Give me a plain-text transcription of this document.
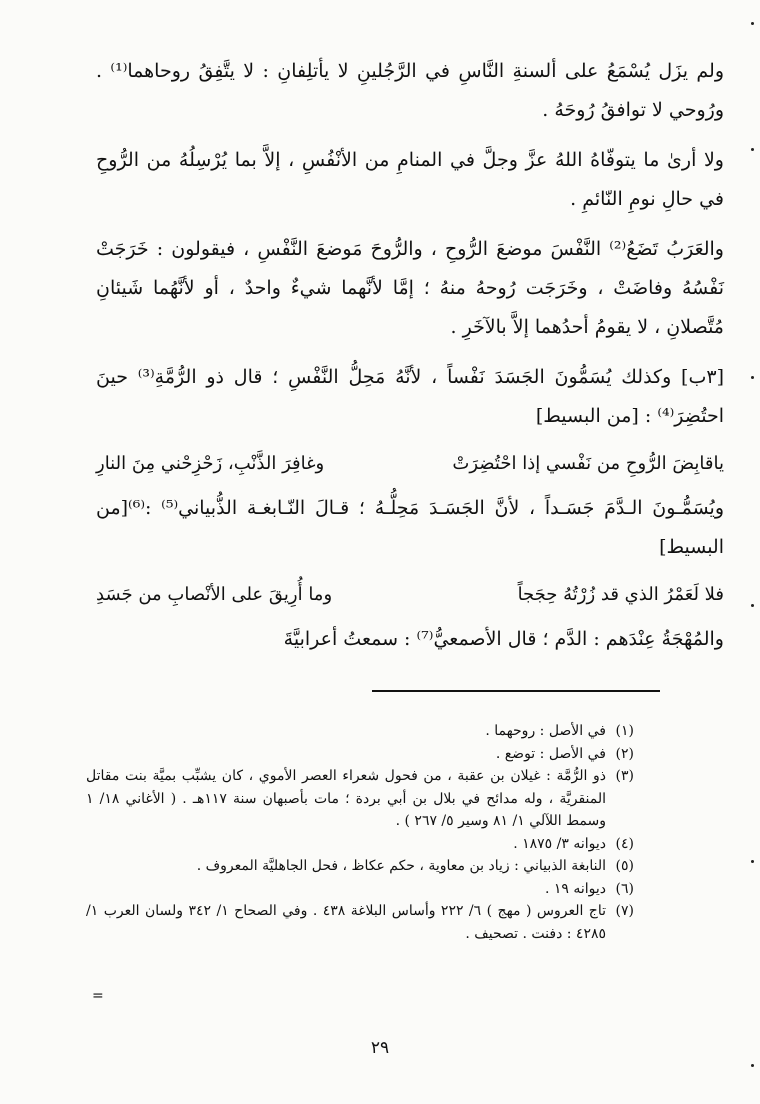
ولم يزَل يُسْمَعُ على ألسنةِ النَّاسِ في الرَّجُلينِ لا يأتلِفانِ : لا يتَّفِقُ روحاهما⁽¹⁾ . ورُوحي لا توافقُ رُوحَهُ .

ولا أرىٰ ما يتوفّاهُ اللهُ عزَّ وجلَّ في المنامِ من الأنْفُسِ ، إلاَّ بما يُرْسِلُهُ من الرُّوحِ في حالِ نومِ النّائمِ .

والعَرَبُ تَضَعُ⁽²⁾ النَّفْسَ موضعَ الرُّوحِ ، والرُّوحَ مَوضعَ النَّفْسِ ، فيقولون : خَرَجَتْ نَفْسُهُ وفاضَتْ ، وخَرَجَت رُوحهُ منهُ ؛ إمَّا لأنَّهما شيءٌ واحدٌ ، أو لأنَّهُما شَيئانِ مُتَّصلانِ ، لا يقومُ أحدُهما إلاَّ بالآخَرِ .

[٣ب] وكذلك يُسَمُّونَ الجَسَدَ نَفْساً ، لأنَّهُ مَحِلُّ النَّفْسِ ؛ قال ذو الرُّمَّةِ⁽³⁾ حينَ احتُضِرَ⁽⁴⁾ : [من البسيط]

ياقابِضَ الرُّوحِ من نَفْسي إذا احْتُضِرَتْ
وغافِرَ الذَّنْبِ، زَحْزِحْني مِنَ النارِ

ويُسَمُّـونَ الـدَّمَ جَسَـداً ، لأنَّ الجَسَـدَ مَحِلُّـهُ ؛ قـالَ النّـابغـة الذُّبياني⁽⁵⁾ :⁽⁶⁾[من البسيط]

فلا لَعَمْرُ الذي قد زُرْتُهُ حِجَجاً
وما أُرِيقَ على الأنْصابِ من جَسَدِ

والمُهْجَةُ عِنْدَهم : الدَّم ؛ قال الأصمعيُّ⁽⁷⁾ : سمعتُ أعرابيَّةَ

(١)
في الأصل : روحهما .
(٢)
في الأصل : توضع .
(٣)
ذو الرُّمَّة : غيلان بن عقبة ، من فحول شعراء العصر الأموي ، كان يشبِّب بميَّة بنت مقاتل المنقريَّة ، وله مدائح في بلال بن أبي بردة ؛ مات بأصبهان سنة ١١٧هـ . ( الأغاني ١٨/ ١ وسمط اللآلي ١/ ٨١ وسير ٥/ ٢٦٧ ) .
(٤)
ديوانه ٣/ ١٨٧٥ .
(٥)
النابغة الذبياني : زياد بن معاوية ، حكم عكاظ ، فحل الجاهليَّة المعروف .
(٦)
ديوانه ١٩ .
(٧)
تاج العروس ( مهج ) ٦/ ٢٢٢ وأساس البلاغة ٤٣٨ . وفي الصحاح ١/ ٣٤٢ ولسان العرب ١/ ٤٢٨٥ : دفنت . تصحيف .
=
٢٩
